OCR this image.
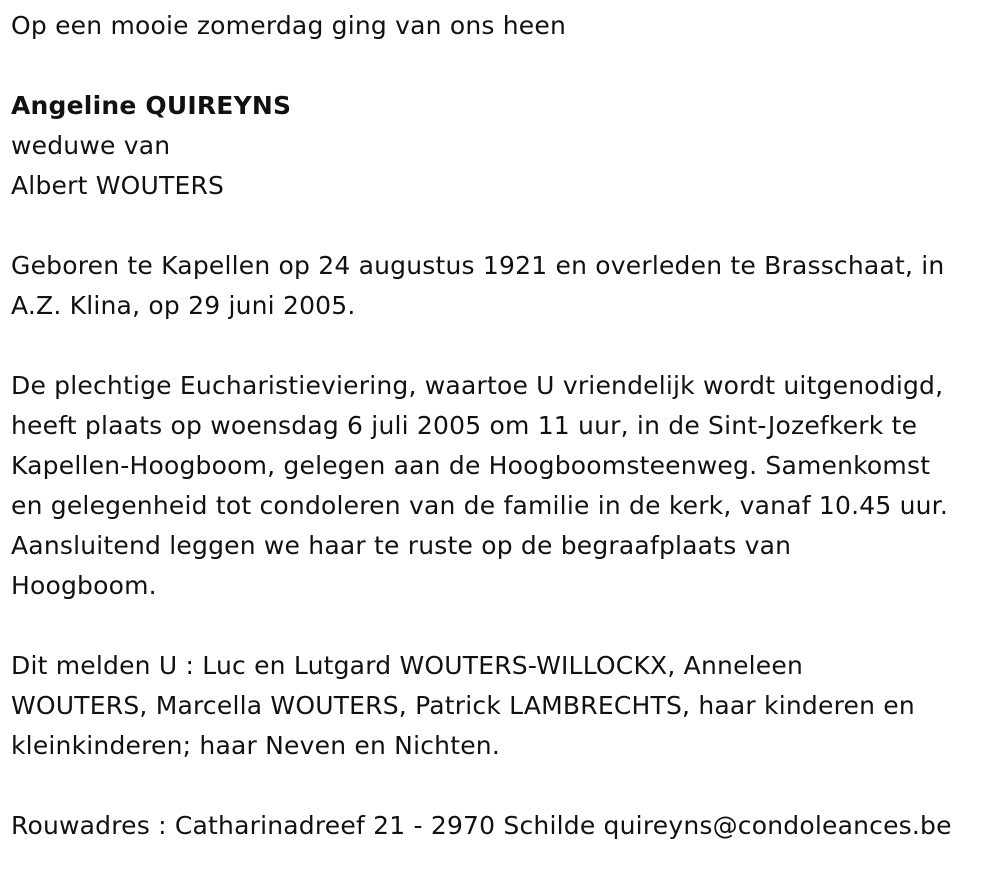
Op een mooie zomerdag ging van ons heen

Angeline QUIREYNS

weduwe van

Albert WOUTERS

Geboren te Kapellen op 24 augustus 1921 en overleden te Brasschaat, in

A.Z. Klina, op 29 juni 2005.

De plechtige Eucharistieviering, waartoe U vriendelijk wordt uitgenodigd,

heeft plaats op woensdag 6 juli 2005 om 11 uur, in de Sint-Jozefkerk te

Kapellen-Hoogboom, gelegen aan de Hoogboomsteenweg. Samenkomst

en gelegenheid tot condoleren van de familie in de kerk, vanaf 10.45 uur.

Aansluitend leggen we haar te ruste op de begraafplaats van

Hoogboom.

Dit melden U : Luc en Lutgard WOUTERS-WILLOCKX, Anneleen

WOUTERS, Marcella WOUTERS, Patrick LAMBRECHTS, haar kinderen en

kleinkinderen; haar Neven en Nichten.

Rouwadres : Catharinadreef 21 - 2970 Schilde quireyns@condoleances.be
